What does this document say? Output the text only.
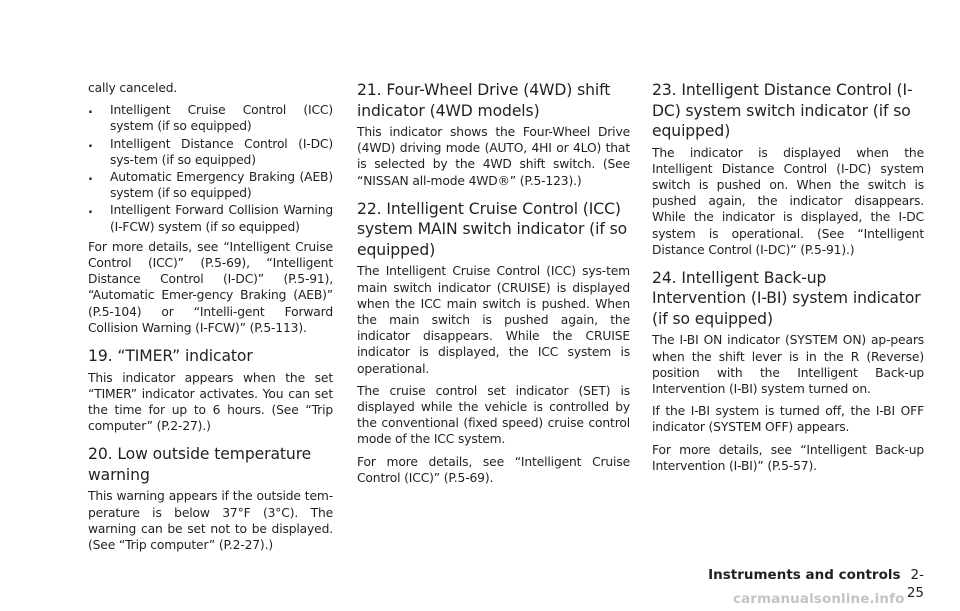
cally canceled.

. Intelligent Cruise Control (ICC) system (if so equipped)
. Intelligent Distance Control (I-DC) sys-tem (if so equipped)
. Automatic Emergency Braking (AEB) system (if so equipped)
. Intelligent Forward Collision Warning (I-FCW) system (if so equipped)

For more details, see “Intelligent Cruise Control (ICC)” (P.5-69), “Intelligent Distance Control (I-DC)” (P.5-91), “Automatic Emer-gency Braking (AEB)” (P.5-104) or “Intelli-gent Forward Collision Warning (I-FCW)” (P.5-113).

19. “TIMER” indicator

This indicator appears when the set “TIMER” indicator activates. You can set the time for up to 6 hours. (See “Trip computer” (P.2-27).)

20. Low outside temperature warning

This warning appears if the outside tem-perature is below 37°F (3°C). The warning can be set not to be displayed. (See “Trip computer” (P.2-27).)

21. Four-Wheel Drive (4WD) shift indicator (4WD models)

This indicator shows the Four-Wheel Drive (4WD) driving mode (AUTO, 4HI or 4LO) that is selected by the 4WD shift switch. (See “NISSAN all-mode 4WD®” (P.5-123).)

22. Intelligent Cruise Control (ICC) system MAIN switch indicator (if so equipped)

The Intelligent Cruise Control (ICC) sys-tem main switch indicator (CRUISE) is displayed when the ICC main switch is pushed. When the main switch is pushed again, the indicator disappears. While the CRUISE indicator is displayed, the ICC system is operational.

The cruise control set indicator (SET) is displayed while the vehicle is controlled by the conventional (fixed speed) cruise control mode of the ICC system.

For more details, see “Intelligent Cruise Control (ICC)” (P.5-69).

23. Intelligent Distance Control (I-DC) system switch indicator (if so equipped)

The indicator is displayed when the Intelligent Distance Control (I-DC) system switch is pushed on. When the switch is pushed again, the indicator disappears. While the indicator is displayed, the I-DC system is operational. (See “Intelligent Distance Control (I-DC)” (P.5-91).)

24. Intelligent Back-up Intervention (I-BI) system indicator (if so equipped)

The I-BI ON indicator (SYSTEM ON) ap-pears when the shift lever is in the R (Reverse) position with the Intelligent Back-up Intervention (I-BI) system turned on.

If the I-BI system is turned off, the I-BI OFF indicator (SYSTEM OFF) appears.

For more details, see “Intelligent Back-up Intervention (I-BI)” (P.5-57).

Instruments and controls 2-25
carmanualsonline.info
